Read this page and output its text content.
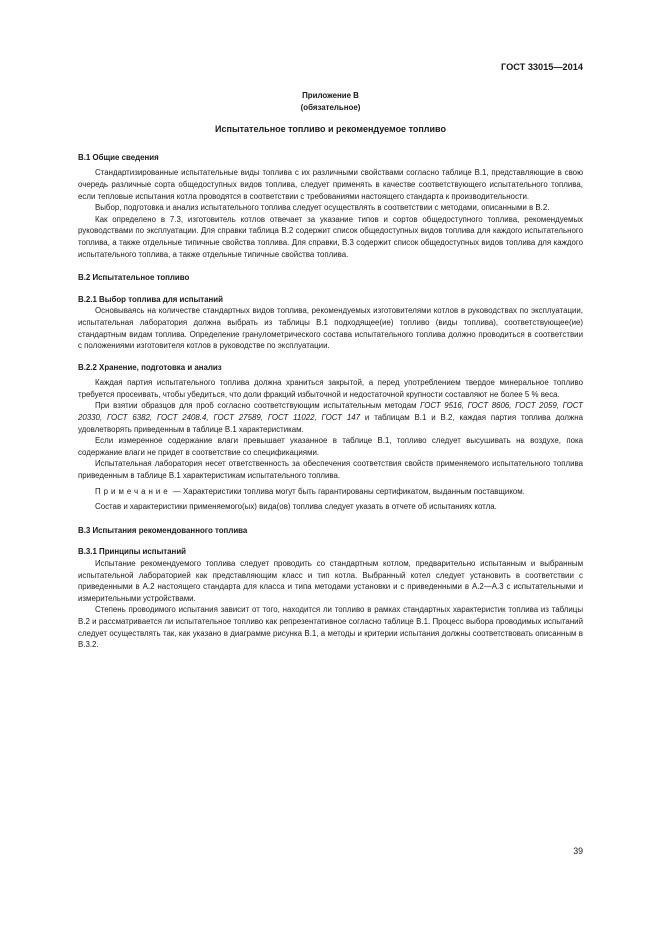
ГОСТ 33015—2014
Приложение В
(обязательное)
Испытательное топливо и рекомендуемое топливо
В.1 Общие сведения

Стандартизированные испытательные виды топлива с их различными свойствами согласно таблице В.1, представляющие в свою очередь различные сорта общедоступных видов топлива, следует применять в качестве соответствующего испытательного топлива, если тепловые испытания котла проводятся в соответствии с требованиями настоящего стандарта к производительности.

Выбор, подготовка и анализ испытательного топлива следует осуществлять в соответствии с методами, описанными в В.2.

Как определено в 7.3, изготовитель котлов отвечает за указание типов и сортов общедоступного топлива, рекомендуемых руководствами по эксплуатации. Для справки таблица В.2 содержит список общедоступных видов топлива для каждого испытательного топлива, а также отдельные типичные свойства топлива. Для справки, В.3 содержит список общедоступных видов топлива для каждого испытательного топлива, а также отдельные типичные свойства топлива.

В.2 Испытательное топливо
В.2.1 Выбор топлива для испытаний

Основываясь на количестве стандартных видов топлива, рекомендуемых изготовителями котлов в руководствах по эксплуатации, испытательная лаборатория должна выбрать из таблицы В.1 подходящее(ие) топливо (виды топлива), соответствующее(ие) стандартным видам топлива. Определение гранулометрического состава испытательного топлива должно проводиться в соответствии с положениями изготовителя котлов в руководстве по эксплуатации.

В.2.2 Хранение, подготовка и анализ

Каждая партия испытательного топлива должна храниться закрытой, а перед употреблением твердое минеральное топливо требуется просеивать, чтобы убедиться, что доли фракций избыточной и недостаточной крупности составляют не более 5 % веса.

При взятии образцов для проб согласно соответствующим испытательным методам ГОСТ 9516, ГОСТ 8606, ГОСТ 2059, ГОСТ 20330, ГОСТ 6382, ГОСТ 2408.4, ГОСТ 27589, ГОСТ 11022, ГОСТ 147 и таблицам В.1 и В.2, каждая партия топлива должна удовлетворять приведенным в таблице В.1 характеристикам.

Если измеренное содержание влаги превышает указанное в таблице В.1, топливо следует высушивать на воздухе, пока содержание влаги не придет в соответствие со спецификациями.

Испытательная лаборатория несет ответственность за обеспечения соответствия свойств применяемого испытательного топлива приведенным в таблице В.1 характеристикам испытательного топлива.

Примечание — Характеристики топлива могут быть гарантированы сертификатом, выданным поставщиком.

Состав и характеристики применяемого(ых) вида(ов) топлива следует указать в отчете об испытаниях котла.

В.3 Испытания рекомендованного топлива
В.3.1 Принципы испытаний

Испытание рекомендуемого топлива следует проводить со стандартным котлом, предварительно испытанным и выбранным испытательной лабораторией как представляющим класс и тип котла. Выбранный котел следует установить в соответствии с приведенными в А.2 настоящего стандарта для класса и типа методами установки и с приведенными в А.2—А.3 с испытательными и измерительными устройствами.

Степень проводимого испытания зависит от того, находится ли топливо в рамках стандартных характеристик топлива из таблицы В.2 и рассматривается ли испытательное топливо как репрезентативное согласно таблице В.1. Процесс выбора проводимых испытаний следует осуществлять так, как указано в диаграмме рисунка В.1, а методы и критерии испытания должны соответствовать описанным в В.3.2.

39
